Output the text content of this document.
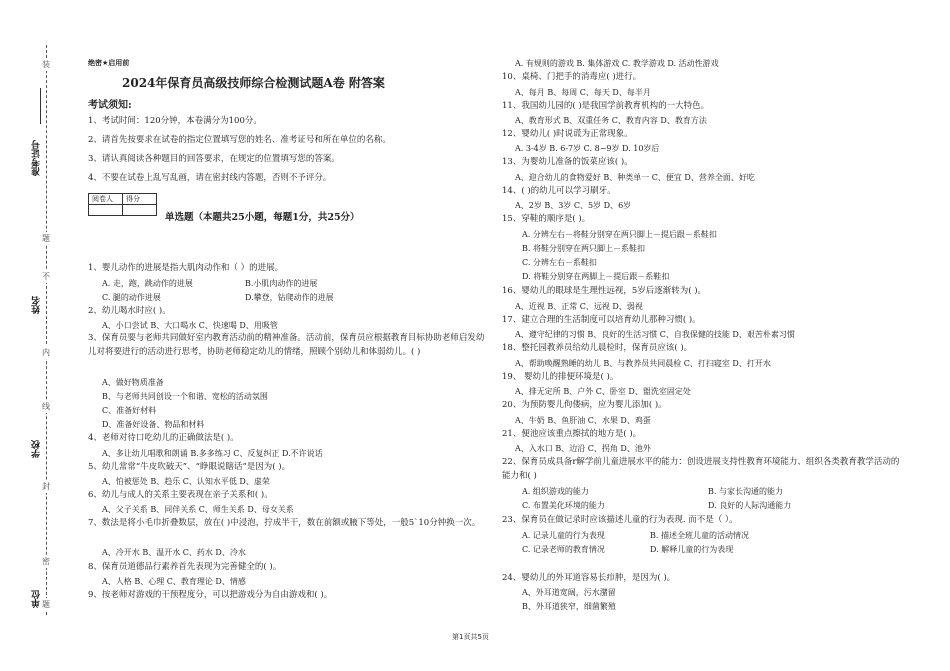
装
准考证号
题
不
姓名
内
线
学校
封
密
单位 题
绝密★启用前
2024年保育员高级技师综合检测试题A卷 附答案
考试须知:
1、考试时间：120分钟，本卷满分为100分。
2、请首先按要求在试卷的指定位置填写您的姓名、准考证号和所在单位的名称。
3、请认真阅读各种题目的回答要求，在规定的位置填写您的答案。
4、不要在试卷上乱写乱画，请在密封线内答题，否则不予评分。
阅卷人	得分

单选题（本题共25小题，每题1分，共25分）
1、婴儿动作的进展是指大肌肉动作和（ ）的进展。
A. 走，跑，跳动作的进展	B.小肌肉动作的进展
C. 腿的动作进展	D.攀登，钻爬动作的进展
2、幼儿喝水时应( )。
A、小口尝试 B、大口喝水 C、快速喝 D、用吸管
3、保育员要与老师共同做好室内教育活动前的精神准备。活动前，保育员应根据教育目标协助老师启发幼儿对将要进行的活动进行思考，协助老师稳定幼儿的情绪，照顾个别幼儿和体弱幼儿。( )
A、做好物质准备
B、与老师共同创设一个和谐、宽松的活动氛围
C、准备好材料
D、准备好设备、物品和材料
4、老师对待口吃幼儿的正确做法是( )。
A、多让幼儿唱歌和朗诵 B.多多练习 C、反复纠正 D.不许说话
5、幼儿常常“牛皮吹破天”、“睁眼说瞎话”是因为( )。
A、怕被惩处 B、趋乐 C、认知水平低 D、虚荣
6、幼儿与成人的关系主要表现在亲子关系和( )。
A、父子关系 B、同伴关系 C、师生关系 D、母女关系
7、数法是将小毛巾折叠数层，放在( )中浸泡，拧成半干，数在前额或腋下等处，一般5`10分钟换一次。
A、冷开水 B、温开水 C、药水 D、冷水
8、保育员道德品行素养首先表现为完善健全的( )。
A、人格 B、心理 C、教育理论 D、情感
9、按老师对游戏的干预程度分，可以把游戏分为自由游戏和( )。
A. 有规则的游戏 B. 集体游戏 C. 教学游戏 D. 活动性游戏
10、桌椅、门把手的消毒应( )进行。
A、每月 B、每周 C、每天 D、每半月
11、我国幼儿园的( )是我国学前教育机构的一大特色。
A、教育形式 B、双重任务 C、教育内容 D、教育方法
12、婴幼儿( )时说谎为正常现象。
A. 3-4岁 B. 6-7岁 C. 8~9岁 D. 10岁后
13、为婴幼儿准备的饭菜应该( )。
A、迎合幼儿的食物爱好 B、种类单一 C、便宜 D、营养全面、好吃
14、( )的幼儿可以学习刷牙。
A、2岁 B、3岁 C、5岁 D、6岁
15、穿鞋的顺序是( )。
A. 分辨左右－将鞋分别穿在两只脚上－提后跟－系鞋扣
B. 将鞋分别穿在两只脚上－系鞋扣
C. 分辨左右－系鞋扣
D. 将鞋分别穿在两脚上－提后跟－系鞋扣
16、婴幼儿的眼球是生理性远视，5岁后逐渐转为( )。
A、近视 B、正常 C、远视 D、弱视
17、建立合理的生活制度可以培育幼儿那种习惯( )。
A、遵守纪律的习惯 B、良好的生活习惯 C、自我保健的技能 D、艰苦朴素习惯
18、整托园教养员给幼儿晨检时，保育员应该( )。
A、帮助唤醒熟睡的幼儿 B、与教养员共同晨检 C、打扫寝室 D、打开水
19、 婴幼儿的排便环境是( )。
A、排无定所 B、户外 C、卧室 D、盥洗室固定处
20、为预防婴儿佝偻病，应为婴儿添加( )。
A、牛奶 B、鱼肝油 C、水果 D、鸡蛋
21、便池应该重点擦拭的地方是( )。
A、入水口 B、边沿 C、拐角 D、池外
22、保育员成具备r解学前儿童进展水平的能力：创设进展支持性教育环境能力、组织各类教育教学活动的能力和( )
A. 组织游戏的能力	B. 与家长沟通的能力
C. 布置美化环境的能力	D. 良好的人际沟通能力
23、保育员在做记录时应该描述儿童的行为表现. 而不是（ ）。
A. 记录儿童的行为表现	B. 描述全班儿童的活动情况
C. 记录老师的教育情况	D. 解释儿童的行为表现
24、婴幼儿的外耳道容易长疖肿，是因为( )。
A、外耳道宽阔，污水潴留
B、外耳道狭窄，细菌繁殖
第1页共5页
